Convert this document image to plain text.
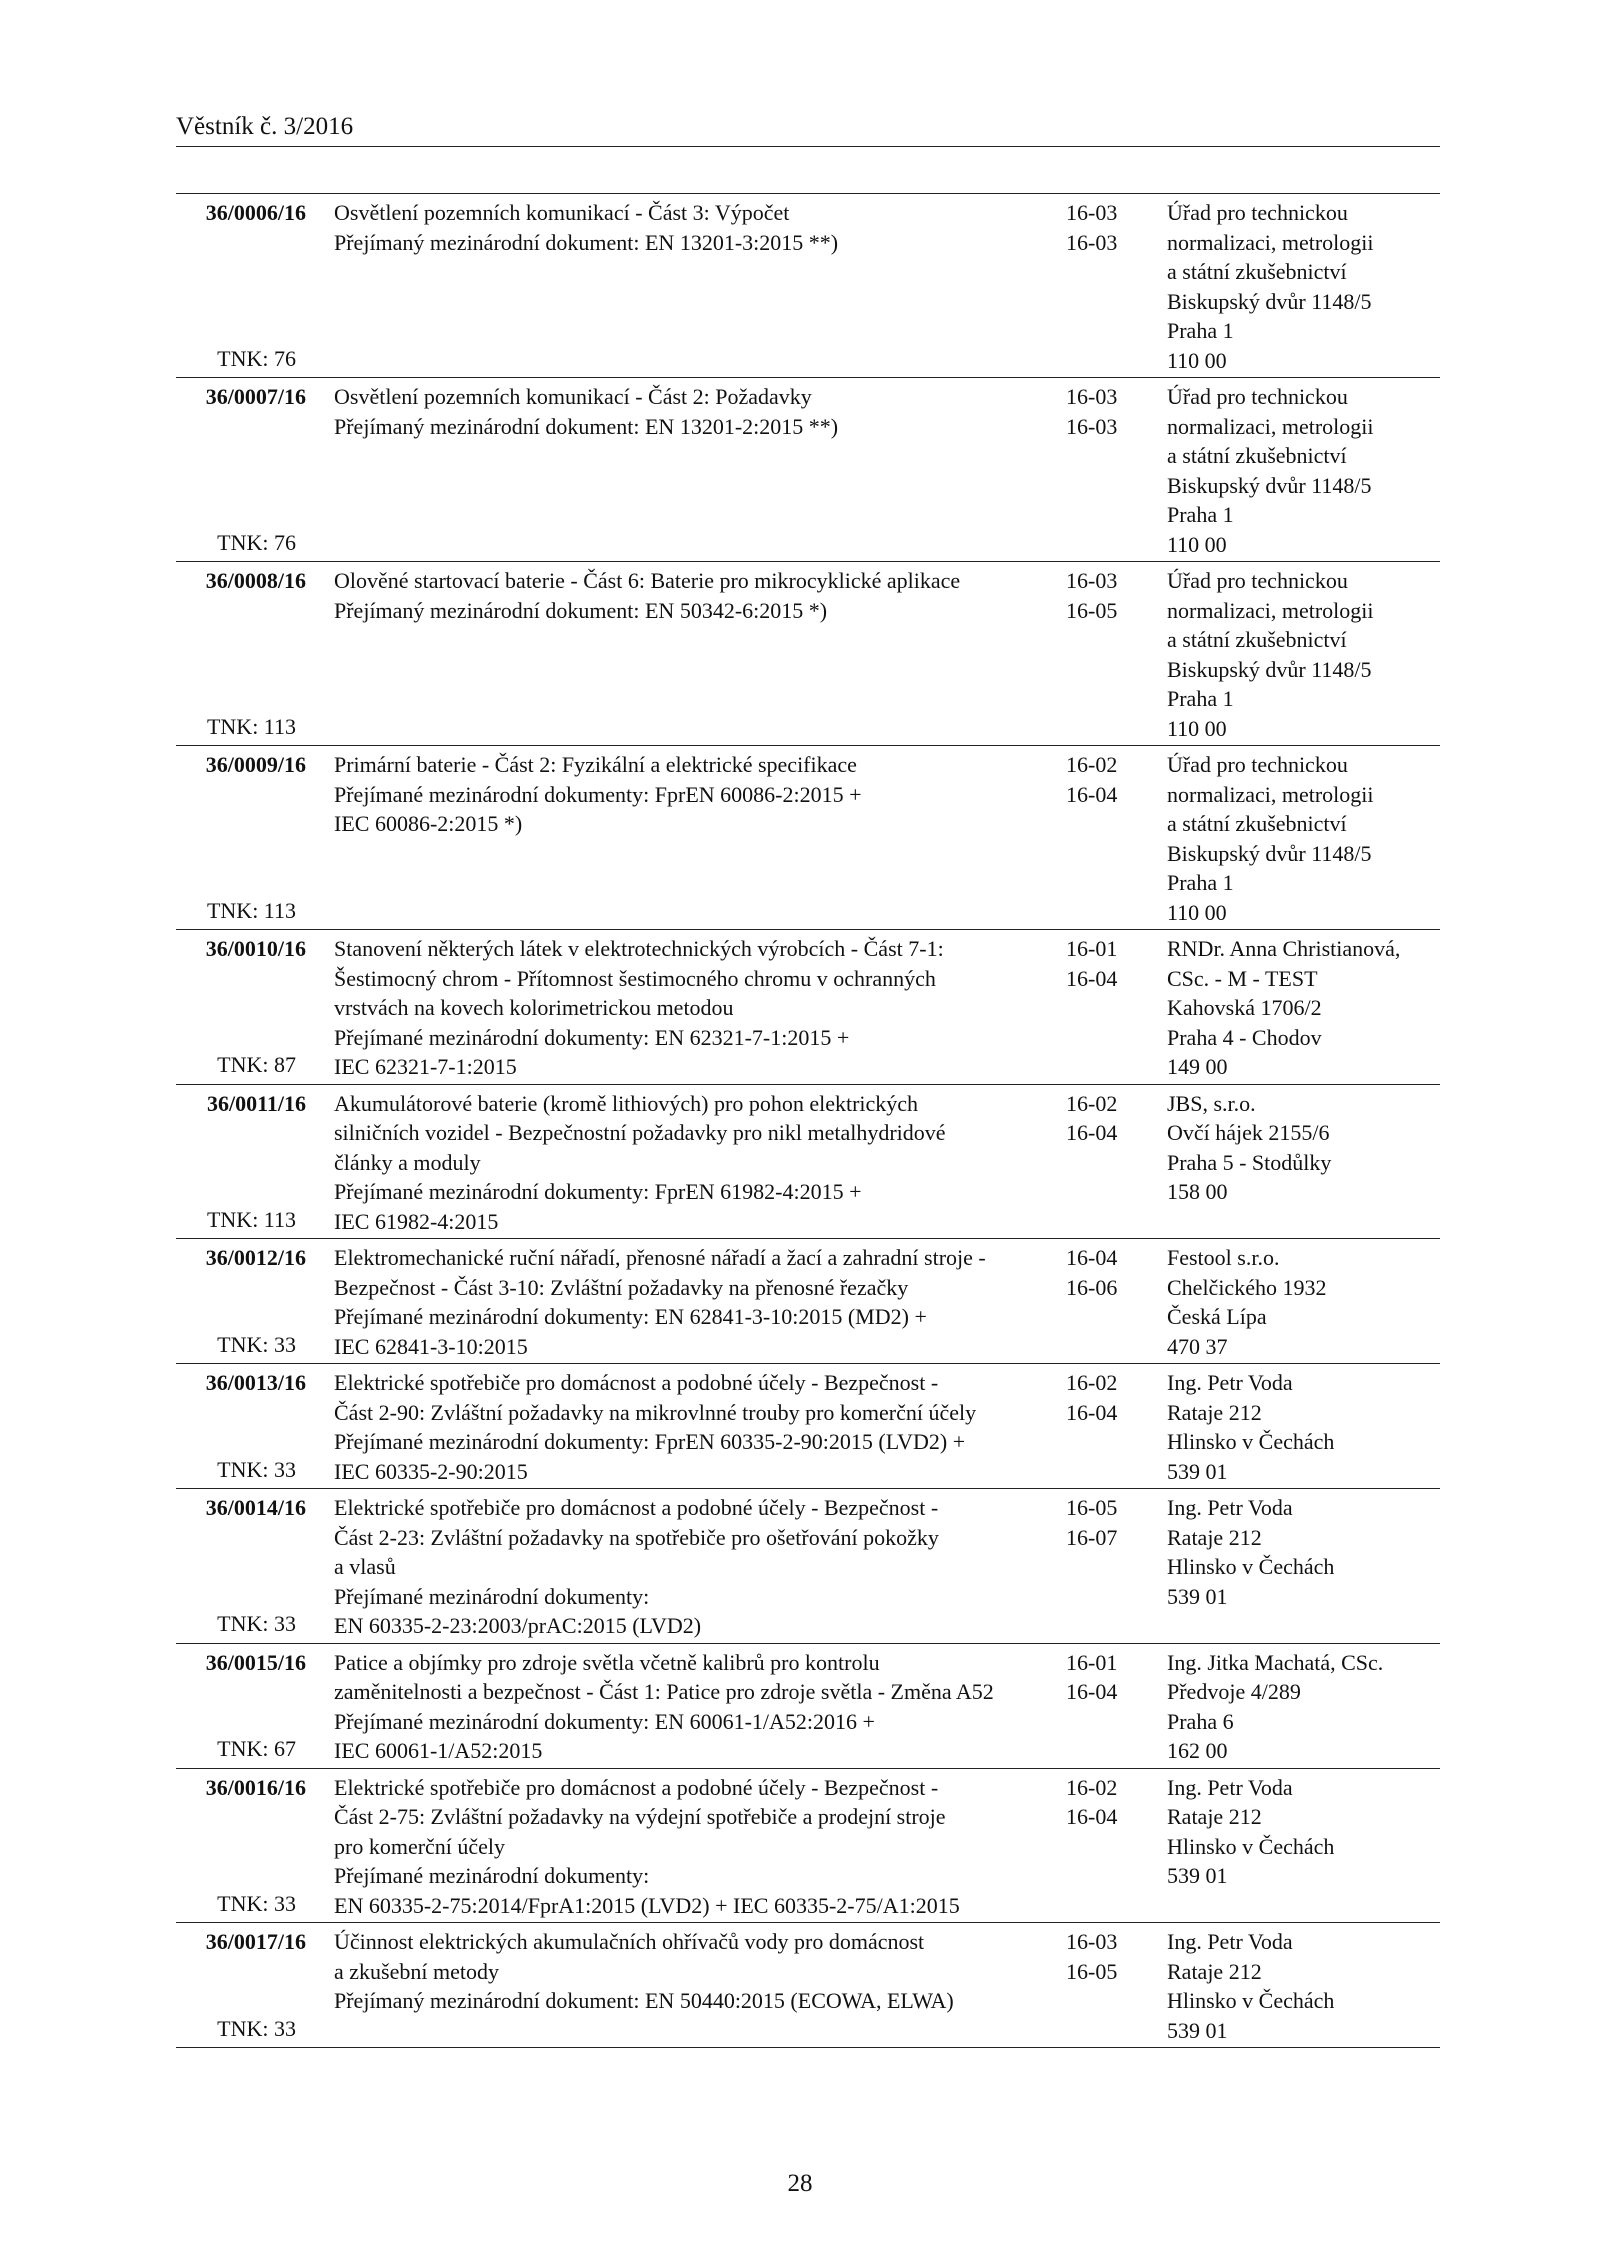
Věstník č. 3/2016
36/0006/16 Osvětlení pozemních komunikací - Část 3: Výpočet
Přejímaný mezinárodní dokument: EN 13201-3:2015 **)

16-03
16-03
Úřad pro technickou
normalizaci, metrologii
a státní zkušebnictví
Biskupský dvůr 1148/5
Praha 1
110 00
TNK: 76
36/0007/16 Osvětlení pozemních komunikací - Část 2: Požadavky
Přejímaný mezinárodní dokument: EN 13201-2:2015 **)

16-03
16-03
Úřad pro technickou
normalizaci, metrologii
a státní zkušebnictví
Biskupský dvůr 1148/5
Praha 1
110 00
TNK: 76
36/0008/16 Olověné startovací baterie - Část 6: Baterie pro mikrocyklické aplikace
Přejímaný mezinárodní dokument: EN 50342-6:2015 *)

16-03
16-05
Úřad pro technickou
normalizaci, metrologii
a státní zkušebnictví
Biskupský dvůr 1148/5
Praha 1
110 00
TNK: 113
36/0009/16 Primární baterie - Část 2: Fyzikální a elektrické specifikace
Přejímané mezinárodní dokumenty: FprEN 60086-2:2015 +
IEC 60086-2:2015 *)

16-02
16-04
Úřad pro technickou
normalizaci, metrologii
a státní zkušebnictví
Biskupský dvůr 1148/5
Praha 1
110 00
TNK: 113
36/0010/16 Stanovení některých látek v elektrotechnických výrobcích - Část 7-1:
Šestimocný chrom - Přítomnost šestimocného chromu v ochranných
vrstvách na kovech kolorimetrickou metodou
Přejímané mezinárodní dokumenty: EN 62321-7-1:2015 +
IEC 62321-7-1:2015
16-01
16-04
RNDr. Anna Christianová,
CSc. - M - TEST
Kahovská 1706/2
Praha 4 - Chodov
149 00
TNK: 87
36/0011/16 Akumulátorové baterie (kromě lithiových) pro pohon elektrických
silničních vozidel - Bezpečnostní požadavky pro nikl metalhydridové
články a moduly
Přejímané mezinárodní dokumenty: FprEN 61982-4:2015 +
IEC 61982-4:2015
16-02
16-04
JBS, s.r.o.
Ovčí hájek 2155/6
Praha 5 - Stodůlky
158 00
TNK: 113
36/0012/16 Elektromechanické ruční nářadí, přenosné nářadí a žací a zahradní stroje -
Bezpečnost - Část 3-10: Zvláštní požadavky na přenosné řezačky
Přejímané mezinárodní dokumenty: EN 62841-3-10:2015 (MD2) +
IEC 62841-3-10:2015
16-04
16-06
Festool s.r.o.
Chelčického 1932
Česká Lípa
470 37
TNK: 33
36/0013/16 Elektrické spotřebiče pro domácnost a podobné účely - Bezpečnost -
Část 2-90: Zvláštní požadavky na mikrovlnné trouby pro komerční účely
Přejímané mezinárodní dokumenty: FprEN 60335-2-90:2015 (LVD2) +
IEC 60335-2-90:2015
16-02
16-04
Ing. Petr Voda
Rataje 212
Hlinsko v Čechách
539 01
TNK: 33
36/0014/16 Elektrické spotřebiče pro domácnost a podobné účely - Bezpečnost -
Část 2-23: Zvláštní požadavky na spotřebiče pro ošetřování pokožky
a vlasů
Přejímané mezinárodní dokumenty:
EN 60335-2-23:2003/prAC:2015 (LVD2)
16-05
16-07
Ing. Petr Voda
Rataje 212
Hlinsko v Čechách
539 01
TNK: 33
36/0015/16 Patice a objímky pro zdroje světla včetně kalibrů pro kontrolu
zaměnitelnosti a bezpečnost - Část 1: Patice pro zdroje světla - Změna A52
Přejímané mezinárodní dokumenty: EN 60061-1/A52:2016 +
IEC 60061-1/A52:2015
16-01
16-04
Ing. Jitka Machatá, CSc.
Předvoje 4/289
Praha 6
162 00
TNK: 67
36/0016/16 Elektrické spotřebiče pro domácnost a podobné účely - Bezpečnost -
Část 2-75: Zvláštní požadavky na výdejní spotřebiče a prodejní stroje
pro komerční účely
Přejímané mezinárodní dokumenty:
EN 60335-2-75:2014/FprA1:2015 (LVD2) + IEC 60335-2-75/A1:2015
16-02
16-04
Ing. Petr Voda
Rataje 212
Hlinsko v Čechách
539 01
TNK: 33
36/0017/16 Účinnost elektrických akumulačních ohřívačů vody pro domácnost
a zkušební metody
Přejímaný mezinárodní dokument: EN 50440:2015 (ECOWA, ELWA)

16-03
16-05
Ing. Petr Voda
Rataje 212
Hlinsko v Čechách
539 01
TNK: 33
28
